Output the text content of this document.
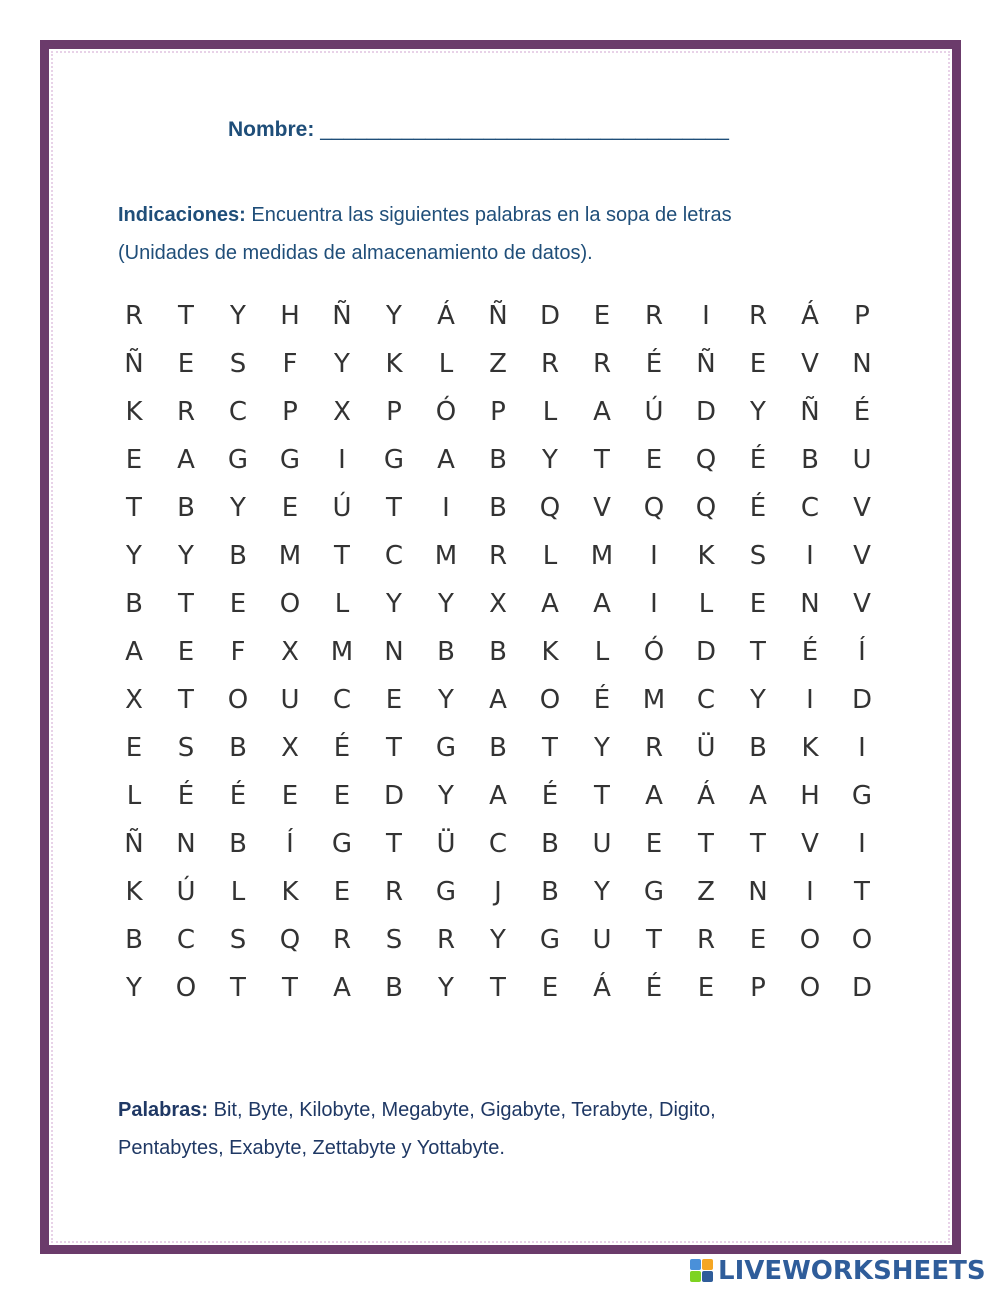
Nombre: ___________________________________
Indicaciones: Encuentra las siguientes palabras en la sopa de letras
(Unidades de medidas de almacenamiento de datos).
R	T	Y	H	Ñ	Y	Á	Ñ	D	E	R	I	R	Á	P
Ñ	E	S	F	Y	K	L	Z	R	R	É	Ñ	E	V	N
K	R	C	P	X	P	Ó	P	L	A	Ú	D	Y	Ñ	É
E	A	G	G	I	G	A	B	Y	T	E	Q	É	B	U
T	B	Y	E	Ú	T	I	B	Q	V	Q	Q	É	C	V
Y	Y	B	M	T	C	M	R	L	M	I	K	S	I	V
B	T	E	O	L	Y	Y	X	A	A	I	L	E	N	V
A	E	F	X	M	N	B	B	K	L	Ó	D	T	É	Í
X	T	O	U	C	E	Y	A	O	É	M	C	Y	I	D
E	S	B	X	É	T	G	B	T	Y	R	Ü	B	K	I
L	É	É	E	E	D	Y	A	É	T	A	Á	A	H	G
Ñ	N	B	Í	G	T	Ü	C	B	U	E	T	T	V	I
K	Ú	L	K	E	R	G	J	B	Y	G	Z	N	I	T
B	C	S	Q	R	S	R	Y	G	U	T	R	E	O	O
Y	O	T	T	A	B	Y	T	E	Á	É	E	P	O	D
Palabras: Bit, Byte, Kilobyte, Megabyte, Gigabyte, Terabyte, Digito,
Pentabytes, Exabyte, Zettabyte y Yottabyte.
LIVEWORKSHEETS
